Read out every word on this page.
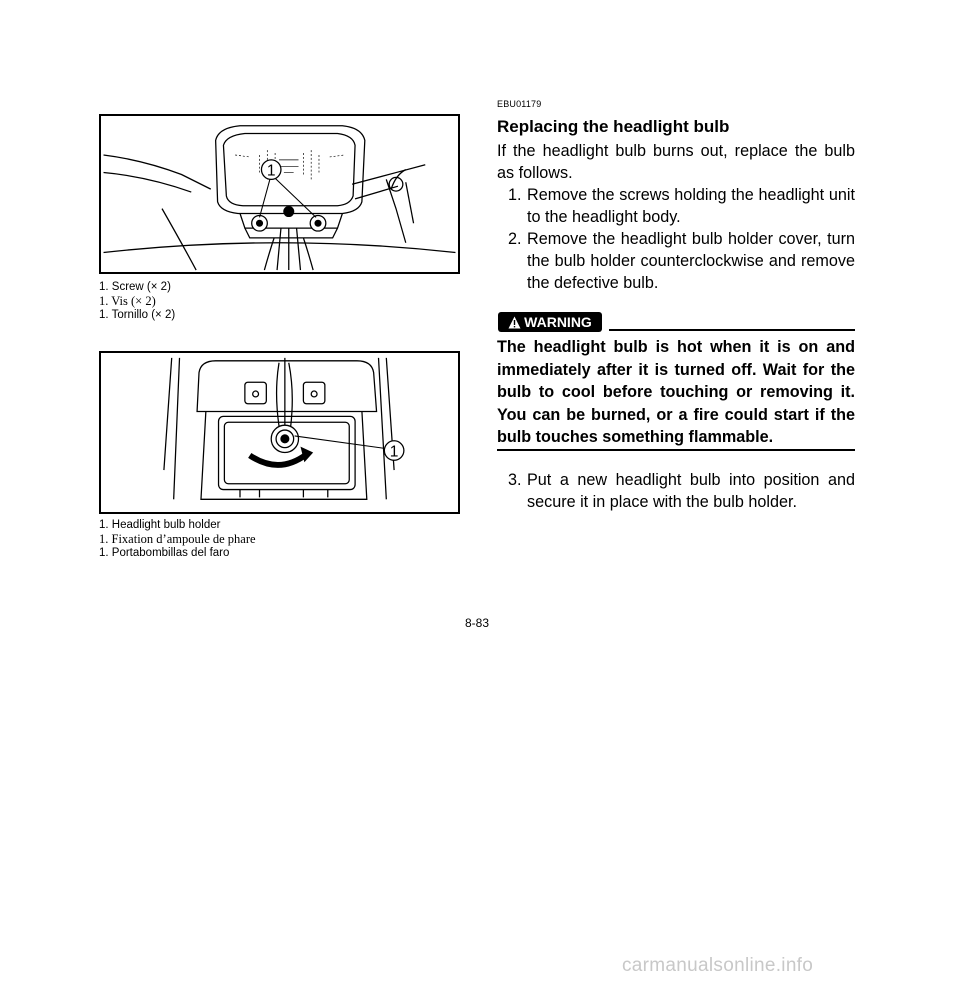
1
1. Screw (× 2)
1. Vis (× 2)
1. Tornillo (× 2)
1
1. Headlight bulb holder
1. Fixation d’ampoule de phare
1. Portabombillas del faro
EBU01179
Replacing the headlight bulb
If the headlight bulb burns out, replace the bulb as follows.
1. Remove the screws holding the headlight unit to the headlight body.
2. Remove the headlight bulb holder cover, turn the bulb holder counterclockwise and remove the defective bulb.
WARNING
The headlight bulb is hot when it is on and immediately after it is turned off. Wait for the bulb to cool before touching or removing it. You can be burned, or a fire could start if the bulb touches something flammable.
3. Put a new headlight bulb into position and secure it in place with the bulb holder.
8-83
carmanualsonline.info
